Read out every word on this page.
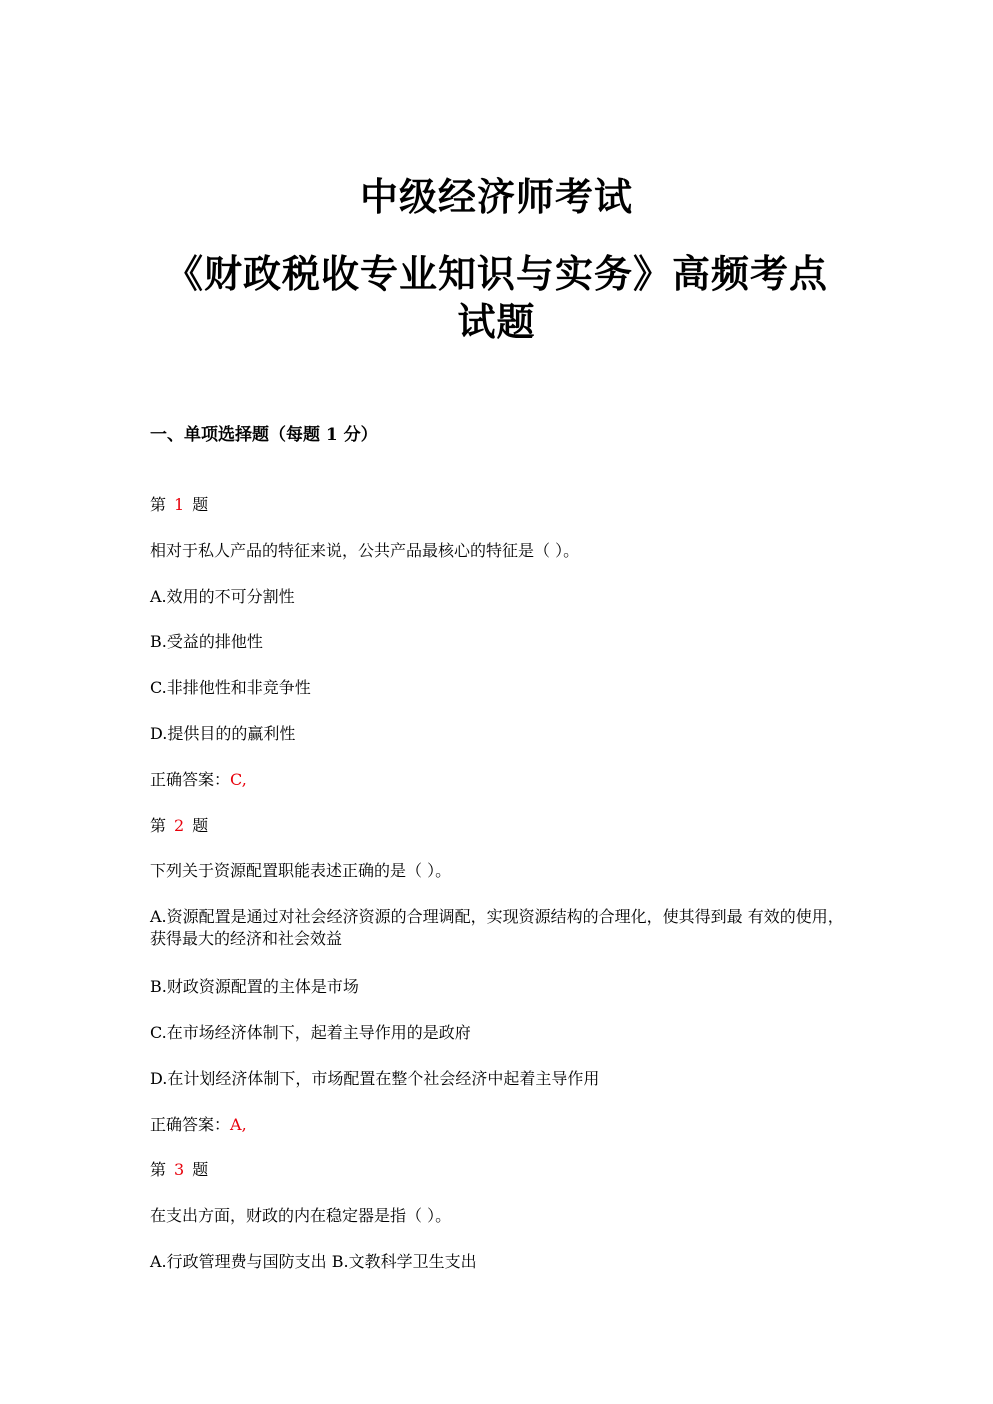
中级经济师考试
《财政税收专业知识与实务》高频考点
试题
一、单项选择题（每题 1 分）
第 1 题
相对于私人产品的特征来说，公共产品最核心的特征是（ ）。
A.效用的不可分割性
B.受益的排他性
C.非排他性和非竞争性
D.提供目的的赢利性
正确答案：C,
第 2 题
下列关于资源配置职能表述正确的是（ ）。
A.资源配置是通过对社会经济资源的合理调配，实现资源结构的合理化，使其得到最 有效的使用，获得最大的经济和社会效益
B.财政资源配置的主体是市场
C.在市场经济体制下，起着主导作用的是政府
D.在计划经济体制下，市场配置在整个社会经济中起着主导作用
正确答案：A,
第 3 题
在支出方面，财政的内在稳定器是指（ ）。
A.行政管理费与国防支出 B.文教科学卫生支出
